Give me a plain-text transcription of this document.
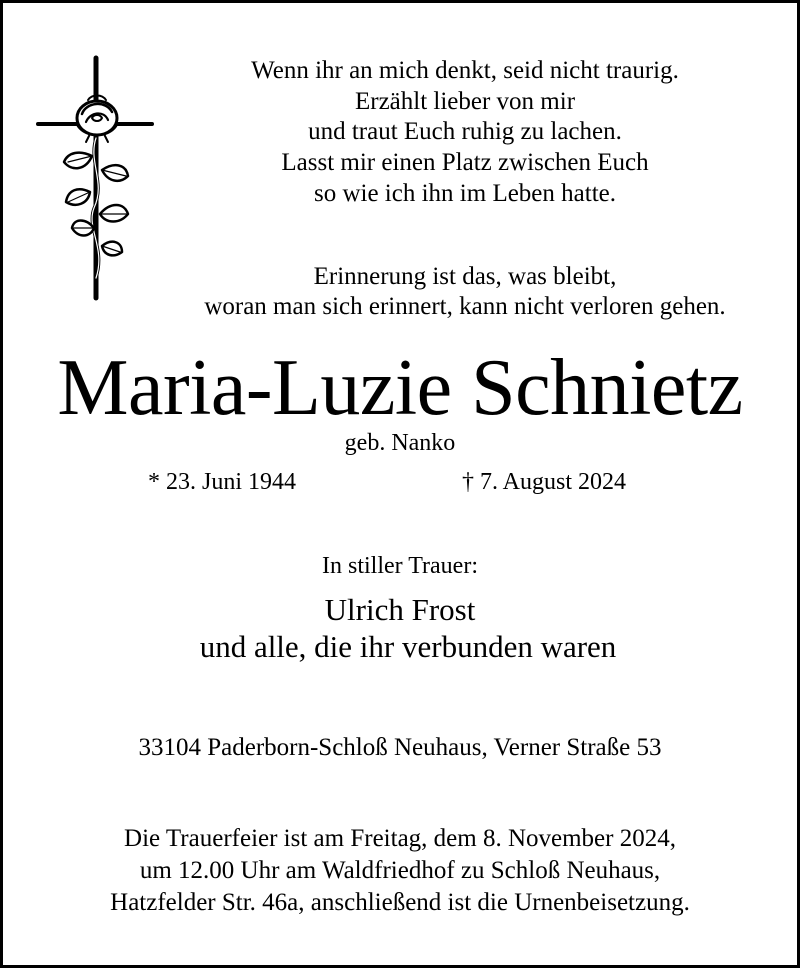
Wenn ihr an mich denkt, seid nicht traurig.

Erzählt lieber von mir

und traut Euch ruhig zu lachen.

Lasst mir einen Platz zwischen Euch

so wie ich ihn im Leben hatte.

Erinnerung ist das, was bleibt,

woran man sich erinnert, kann nicht verloren gehen.

Maria-Luzie Schnietz

geb. Nanko

* 23. Juni 1944	† 7. August 2024

In stiller Trauer:

Ulrich Frost

und alle, die ihr verbunden waren

33104 Paderborn-Schloß Neuhaus, Verner Straße 53

Die Trauerfeier ist am Freitag, dem 8. November 2024,

um 12.00 Uhr am Waldfriedhof zu Schloß Neuhaus,

Hatzfelder Str. 46a, anschließend ist die Urnenbeisetzung.
